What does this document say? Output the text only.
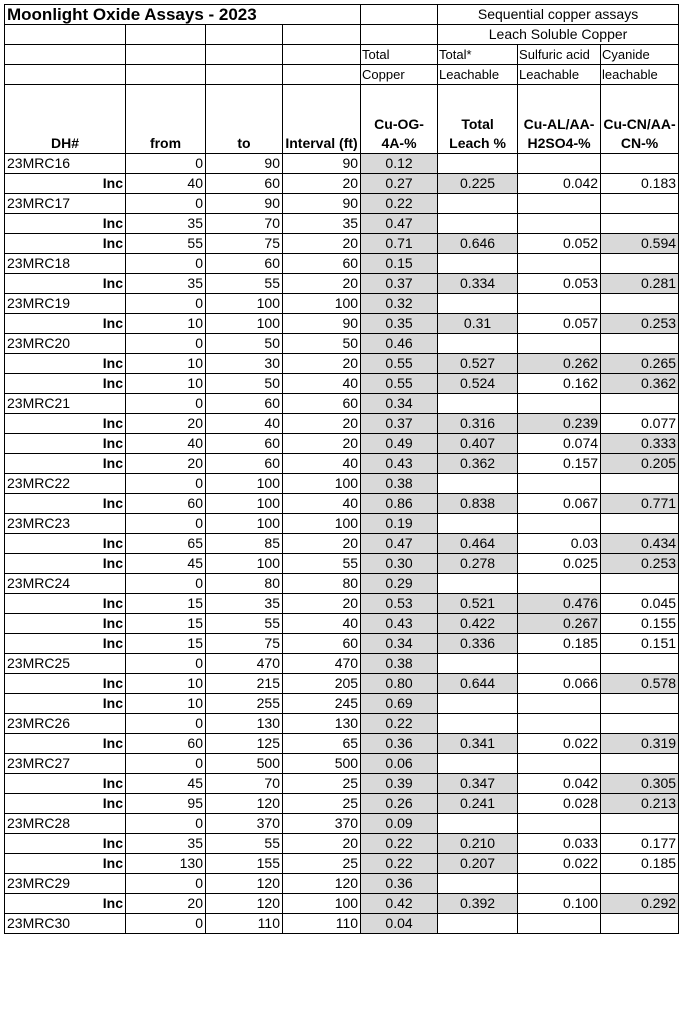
Moonlight Oxide Assays - 2023					Sequential copper assays		
					Leach Soluble Copper		
				Total	Total*	Sulfuric acid	Cyanide
				Copper	Leachable	Leachable	leachable
DH#	from	to	Interval (ft)	Cu-OG-4A-%	Total Leach %	Cu-AL/AA-H2SO4-%	Cu-CN/AA-CN-%
23MRC16	0	90	90	0.12			
Inc	40	60	20	0.27	0.225	0.042	0.183
23MRC17	0	90	90	0.22			
Inc	35	70	35	0.47			
Inc	55	75	20	0.71	0.646	0.052	0.594
23MRC18	0	60	60	0.15			
Inc	35	55	20	0.37	0.334	0.053	0.281
23MRC19	0	100	100	0.32			
Inc	10	100	90	0.35	0.31	0.057	0.253
23MRC20	0	50	50	0.46			
Inc	10	30	20	0.55	0.527	0.262	0.265
Inc	10	50	40	0.55	0.524	0.162	0.362
23MRC21	0	60	60	0.34			
Inc	20	40	20	0.37	0.316	0.239	0.077
Inc	40	60	20	0.49	0.407	0.074	0.333
Inc	20	60	40	0.43	0.362	0.157	0.205
23MRC22	0	100	100	0.38			
Inc	60	100	40	0.86	0.838	0.067	0.771
23MRC23	0	100	100	0.19			
Inc	65	85	20	0.47	0.464	0.03	0.434
Inc	45	100	55	0.30	0.278	0.025	0.253
23MRC24	0	80	80	0.29			
Inc	15	35	20	0.53	0.521	0.476	0.045
Inc	15	55	40	0.43	0.422	0.267	0.155
Inc	15	75	60	0.34	0.336	0.185	0.151
23MRC25	0	470	470	0.38			
Inc	10	215	205	0.80	0.644	0.066	0.578
Inc	10	255	245	0.69			
23MRC26	0	130	130	0.22			
Inc	60	125	65	0.36	0.341	0.022	0.319
23MRC27	0	500	500	0.06			
Inc	45	70	25	0.39	0.347	0.042	0.305
Inc	95	120	25	0.26	0.241	0.028	0.213
23MRC28	0	370	370	0.09			
Inc	35	55	20	0.22	0.210	0.033	0.177
Inc	130	155	25	0.22	0.207	0.022	0.185
23MRC29	0	120	120	0.36			
Inc	20	120	100	0.42	0.392	0.100	0.292
23MRC30	0	110	110	0.04			
